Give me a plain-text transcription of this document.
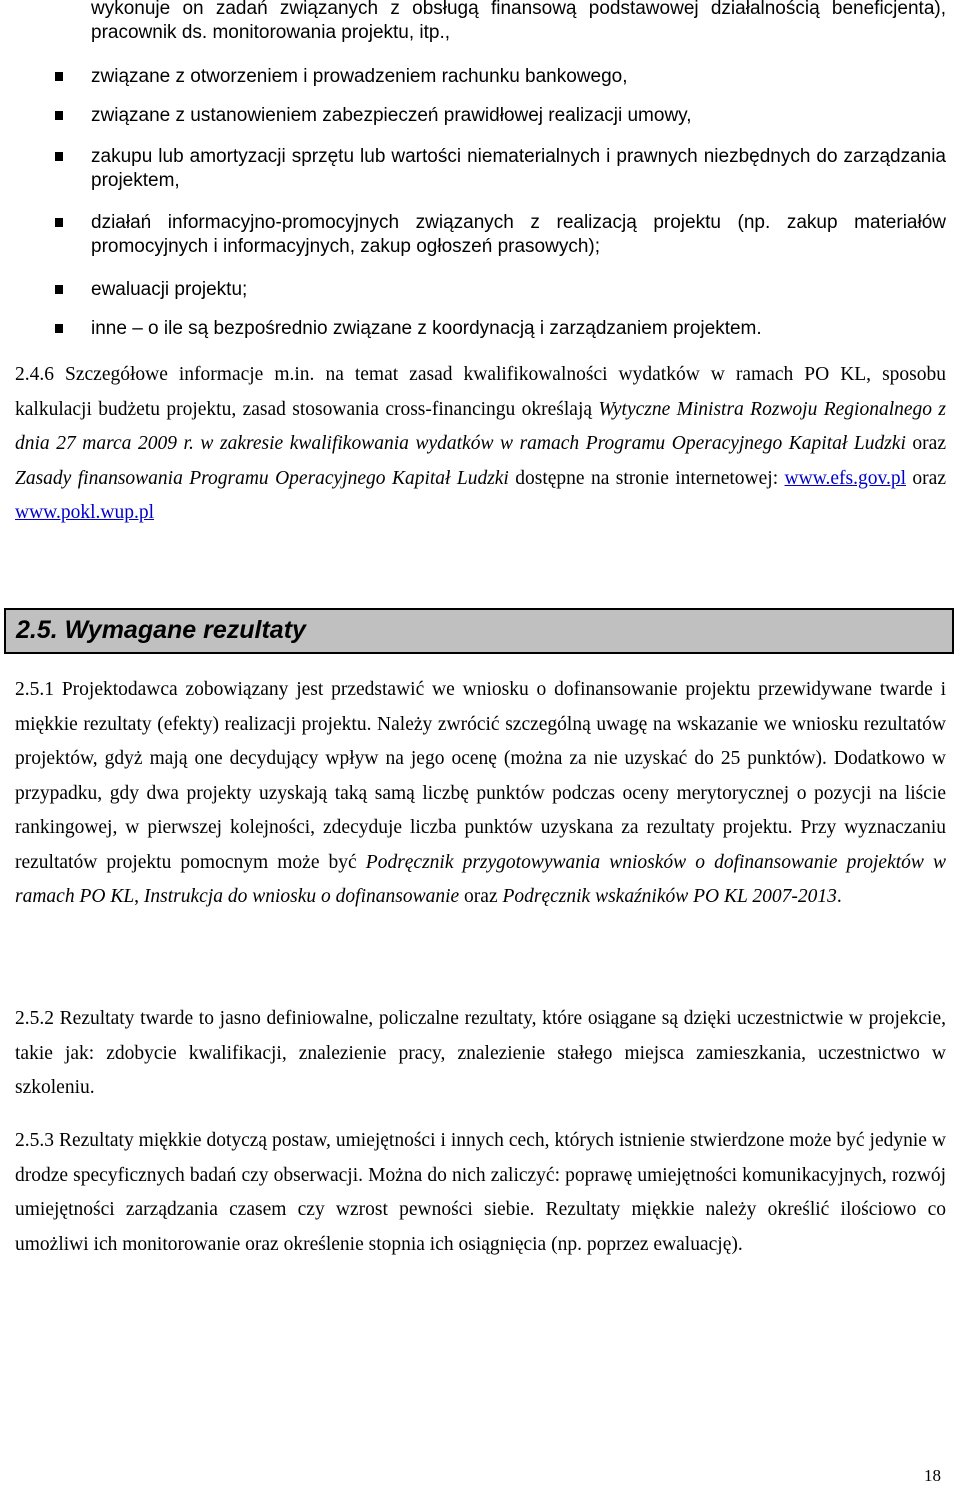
wykonuje on zadań związanych z obsługą finansową podstawowej działalnością beneficjenta), pracownik ds. monitorowania projektu, itp.,
związane z otworzeniem i prowadzeniem rachunku bankowego,
związane z ustanowieniem zabezpieczeń prawidłowej realizacji umowy,
zakupu lub amortyzacji sprzętu lub wartości niematerialnych i prawnych niezbędnych do zarządzania projektem,
działań informacyjno-promocyjnych związanych z realizacją projektu (np. zakup materiałów promocyjnych i informacyjnych, zakup ogłoszeń prasowych);
ewaluacji projektu;
inne – o ile są bezpośrednio związane z koordynacją i zarządzaniem projektem.
2.4.6 Szczegółowe informacje m.in. na temat zasad kwalifikowalności wydatków w ramach PO KL, sposobu kalkulacji budżetu projektu, zasad stosowania cross-financingu określają Wytyczne Ministra Rozwoju Regionalnego z dnia 27 marca 2009 r. w zakresie kwalifikowania wydatków w ramach Programu Operacyjnego Kapitał Ludzki oraz Zasady finansowania Programu Operacyjnego Kapitał Ludzki dostępne na stronie internetowej: www.efs.gov.pl oraz www.pokl.wup.pl
2.5. Wymagane rezultaty
2.5.1 Projektodawca zobowiązany jest przedstawić we wniosku o dofinansowanie projektu przewidywane twarde i miękkie rezultaty (efekty) realizacji projektu. Należy zwrócić szczególną uwagę na wskazanie we wniosku rezultatów projektów, gdyż mają one decydujący wpływ na jego ocenę (można za nie uzyskać do 25 punktów). Dodatkowo w przypadku, gdy dwa projekty uzyskają taką samą liczbę punktów podczas oceny merytorycznej o pozycji na liście rankingowej, w pierwszej kolejności, zdecyduje liczba punktów uzyskana za rezultaty projektu. Przy wyznaczaniu rezultatów projektu pomocnym może być Podręcznik przygotowywania wniosków o dofinansowanie projektów w ramach PO KL, Instrukcja do wniosku o dofinansowanie oraz Podręcznik wskaźników PO KL 2007-2013.
2.5.2 Rezultaty twarde to jasno definiowalne, policzalne rezultaty, które osiągane są dzięki uczestnictwie w projekcie, takie jak: zdobycie kwalifikacji, znalezienie pracy, znalezienie stałego miejsca zamieszkania, uczestnictwo w szkoleniu.
2.5.3 Rezultaty miękkie dotyczą postaw, umiejętności i innych cech, których istnienie stwierdzone może być jedynie w drodze specyficznych badań czy obserwacji. Można do nich zaliczyć: poprawę umiejętności komunikacyjnych, rozwój umiejętności zarządzania czasem czy wzrost pewności siebie. Rezultaty miękkie należy określić ilościowo co umożliwi ich monitorowanie oraz określenie stopnia ich osiągnięcia (np. poprzez ewaluację).
18
